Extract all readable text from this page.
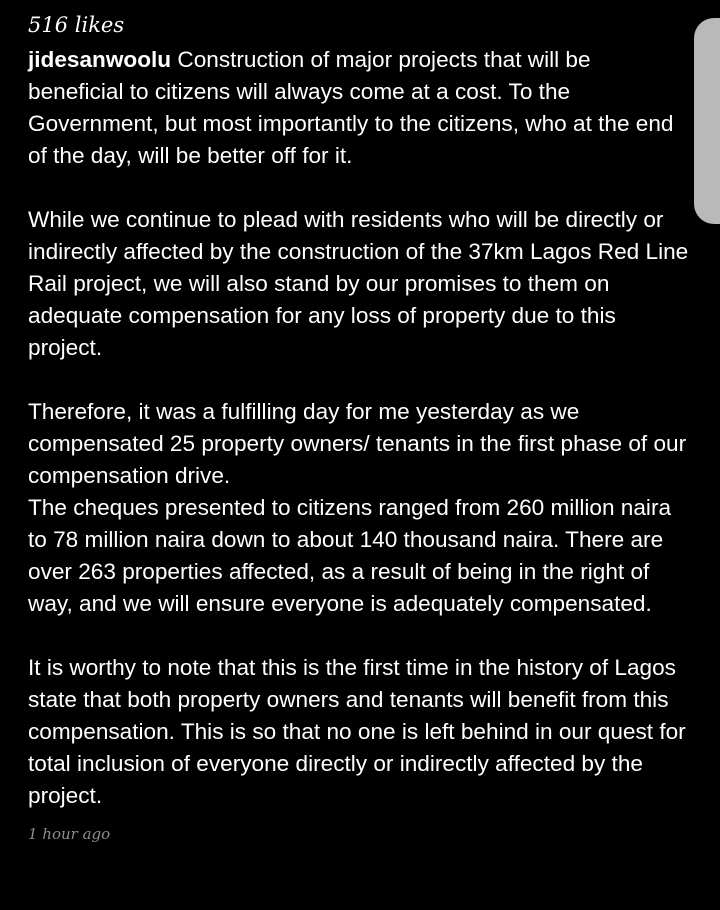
516 likes

jidesanwoolu Construction of major projects that will be beneficial to citizens will always come at a cost. To the Government, but most importantly to the citizens, who at the end of the day, will be better off for it.

While we continue to plead with residents who will be directly or indirectly affected by the construction of the 37km Lagos Red Line Rail project, we will also stand by our promises to them on adequate compensation for any loss of property due to this project.

Therefore, it was a fulfilling day for me yesterday as we compensated 25 property owners/ tenants in the first phase of our compensation drive.

The cheques presented to citizens ranged from 260 million naira to 78 million naira down to about 140 thousand naira. There are over 263 properties affected, as a result of being in the right of way, and we will ensure everyone is adequately compensated.

It is worthy to note that this is the first time in the history of Lagos state that both property owners and tenants will benefit from this compensation. This is so that no one is left behind in our quest for total inclusion of everyone directly or indirectly affected by the project.

1 hour ago
